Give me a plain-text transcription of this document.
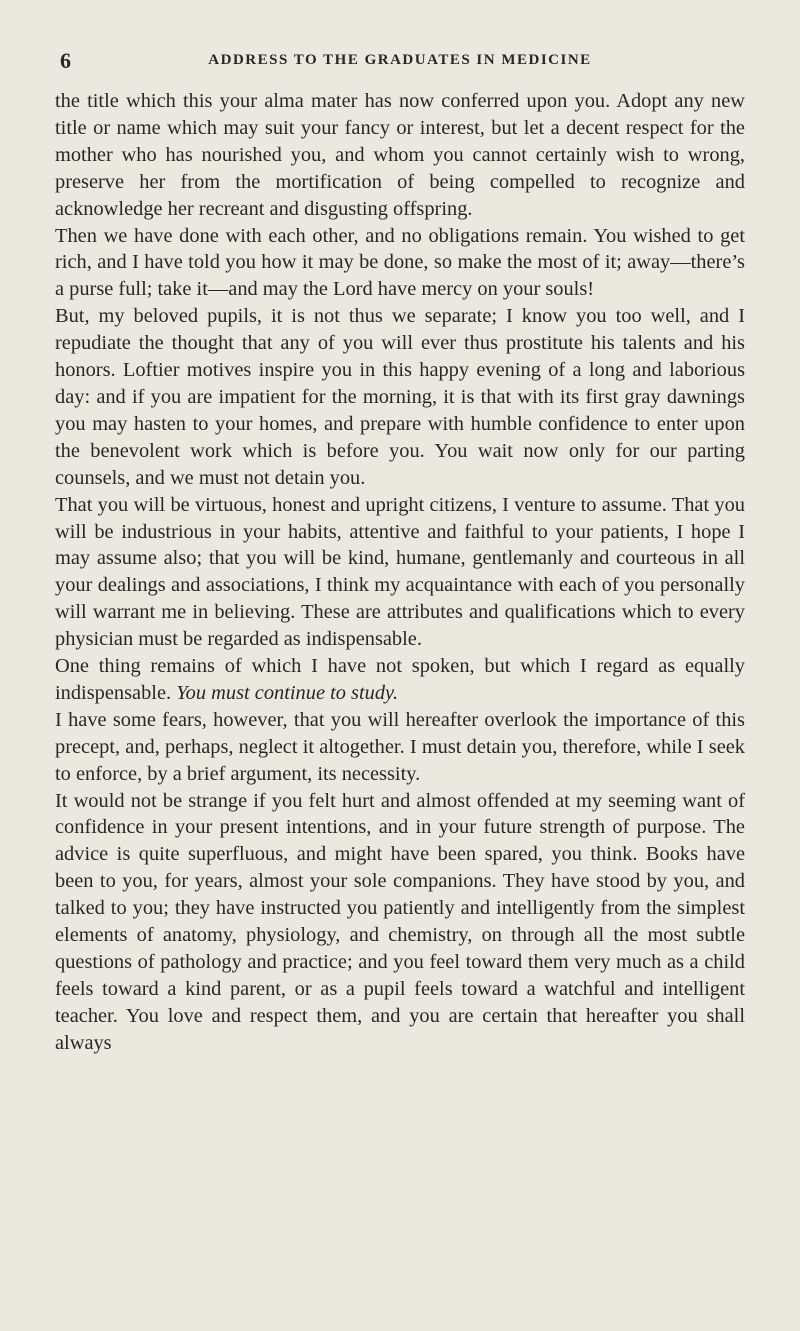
6	ADDRESS TO THE GRADUATES IN MEDICINE

the title which this your alma mater has now conferred upon you. Adopt any new title or name which may suit your fancy or interest, but let a decent respect for the mother who has nourished you, and whom you cannot certainly wish to wrong, preserve her from the mortification of being compelled to recognize and acknowledge her recreant and disgusting offspring.

Then we have done with each other, and no obligations remain. You wished to get rich, and I have told you how it may be done, so make the most of it; away—there’s a purse full; take it—and may the Lord have mercy on your souls!

But, my beloved pupils, it is not thus we separate; I know you too well, and I repudiate the thought that any of you will ever thus prostitute his talents and his honors. Loftier motives inspire you in this happy evening of a long and laborious day: and if you are impatient for the morning, it is that with its first gray dawnings you may hasten to your homes, and prepare with humble confidence to enter upon the benevolent work which is before you. You wait now only for our parting counsels, and we must not detain you.

That you will be virtuous, honest and upright citizens, I venture to assume. That you will be industrious in your habits, attentive and faithful to your patients, I hope I may assume also; that you will be kind, humane, gentlemanly and courteous in all your dealings and associations, I think my acquaintance with each of you personally will warrant me in believing. These are attributes and qualifications which to every physician must be regarded as indispensable.

One thing remains of which I have not spoken, but which I regard as equally indispensable. You must continue to study.

I have some fears, however, that you will hereafter overlook the importance of this precept, and, perhaps, neglect it altogether. I must detain you, therefore, while I seek to enforce, by a brief argument, its necessity.

It would not be strange if you felt hurt and almost offended at my seeming want of confidence in your present intentions, and in your future strength of purpose. The advice is quite superfluous, and might have been spared, you think. Books have been to you, for years, almost your sole companions. They have stood by you, and talked to you; they have instructed you patiently and intelligently from the simplest elements of anatomy, physiology, and chemistry, on through all the most subtle questions of pathology and practice; and you feel toward them very much as a child feels toward a kind parent, or as a pupil feels toward a watchful and intelligent teacher. You love and respect them, and you are certain that hereafter you shall always
